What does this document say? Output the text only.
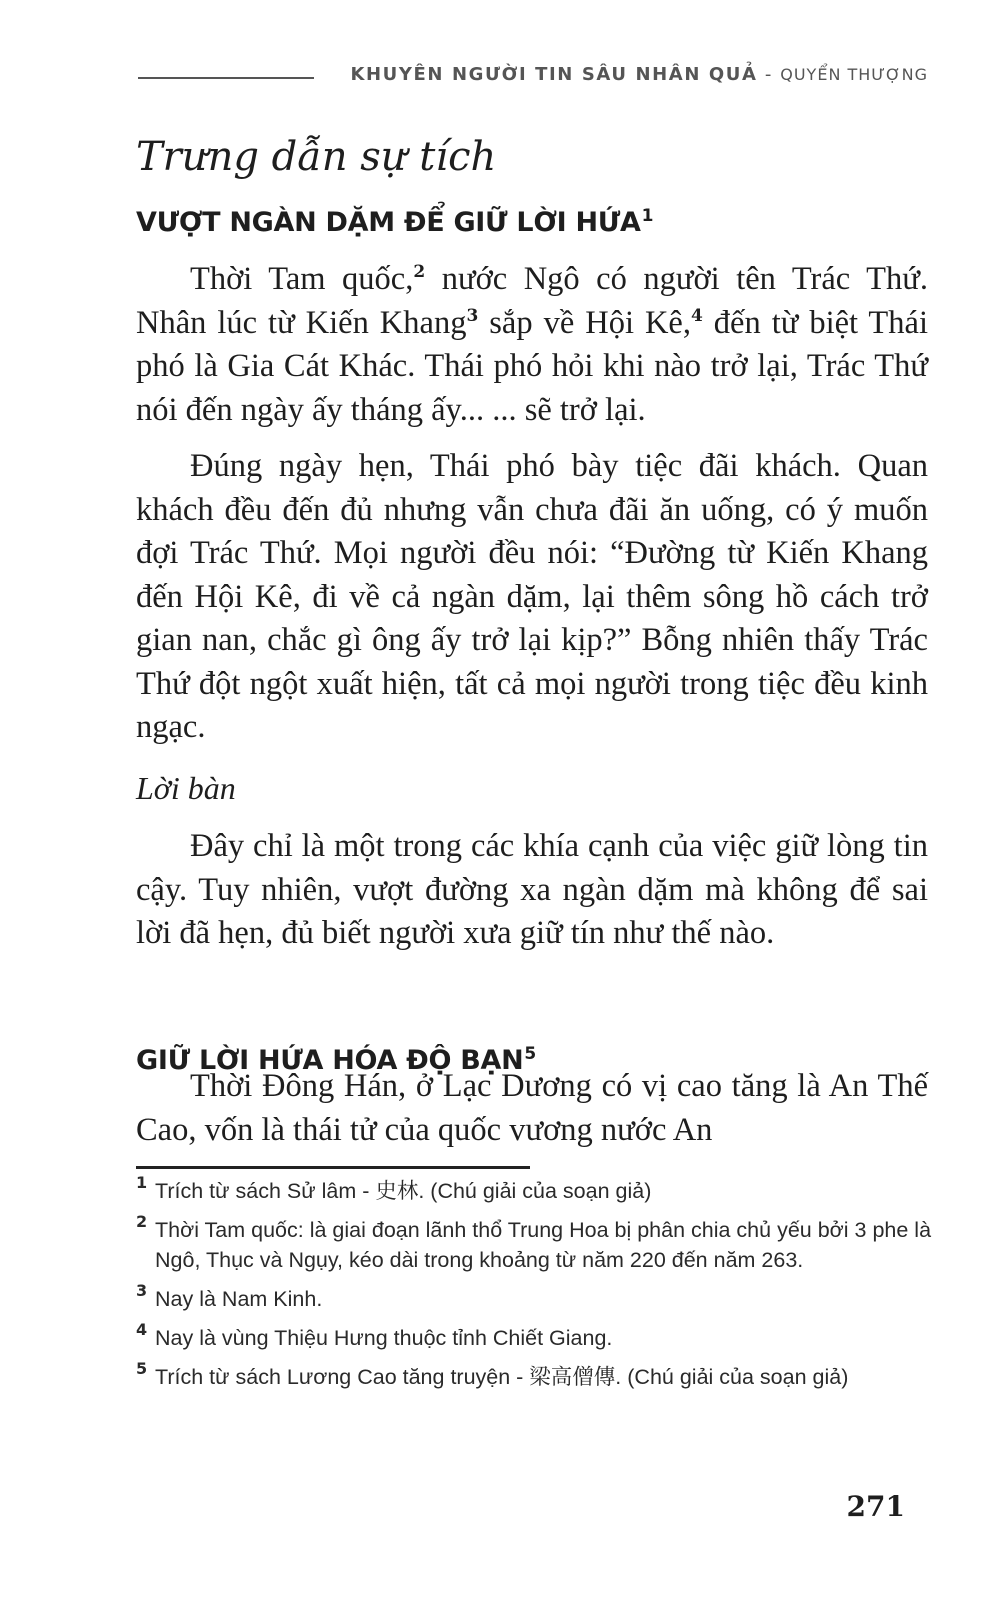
KHUYÊN NGƯỜI TIN SÂU NHÂN QUẢ - QUYỂN THƯỢNG
Trưng dẫn sự tích
VƯỢT NGÀN DẶM ĐỂ GIỮ LỜI HỨA$^1$

Thời Tam quốc,$^2$ nước Ngô có người tên Trác Thứ. Nhân lúc từ Kiến Khang$^3$ sắp về Hội Kê,$^4$ đến từ biệt Thái phó là Gia Cát Khác. Thái phó hỏi khi nào trở lại, Trác Thứ nói đến ngày ấy tháng ấy... ... sẽ trở lại.

Đúng ngày hẹn, Thái phó bày tiệc đãi khách. Quan khách đều đến đủ nhưng vẫn chưa đãi ăn uống, có ý muốn đợi Trác Thứ. Mọi người đều nói: “Đường từ Kiến Khang đến Hội Kê, đi về cả ngàn dặm, lại thêm sông hồ cách trở gian nan, chắc gì ông ấy trở lại kịp?” Bỗng nhiên thấy Trác Thứ đột ngột xuất hiện, tất cả mọi người trong tiệc đều kinh ngạc.

Lời bàn

Đây chỉ là một trong các khía cạnh của việc giữ lòng tin cậy. Tuy nhiên, vượt đường xa ngàn dặm mà không để sai lời đã hẹn, đủ biết người xưa giữ tín như thế nào.

GIỮ LỜI HỨA HÓA ĐỘ BẠN$^5$

Thời Đông Hán, ở Lạc Dương có vị cao tăng là An Thế Cao, vốn là thái tử của quốc vương nước An

1 Trích từ sách Sử lâm - 史林. (Chú giải của soạn giả)

2 Thời Tam quốc: là giai đoạn lãnh thổ Trung Hoa bị phân chia chủ yếu bởi 3 phe là Ngô, Thục và Ngụy, kéo dài trong khoảng từ năm 220 đến năm 263.

3 Nay là Nam Kinh.

4 Nay là vùng Thiệu Hưng thuộc tỉnh Chiết Giang.

5 Trích từ sách Lương Cao tăng truyện - 梁高僧傳. (Chú giải của soạn giả)

271
